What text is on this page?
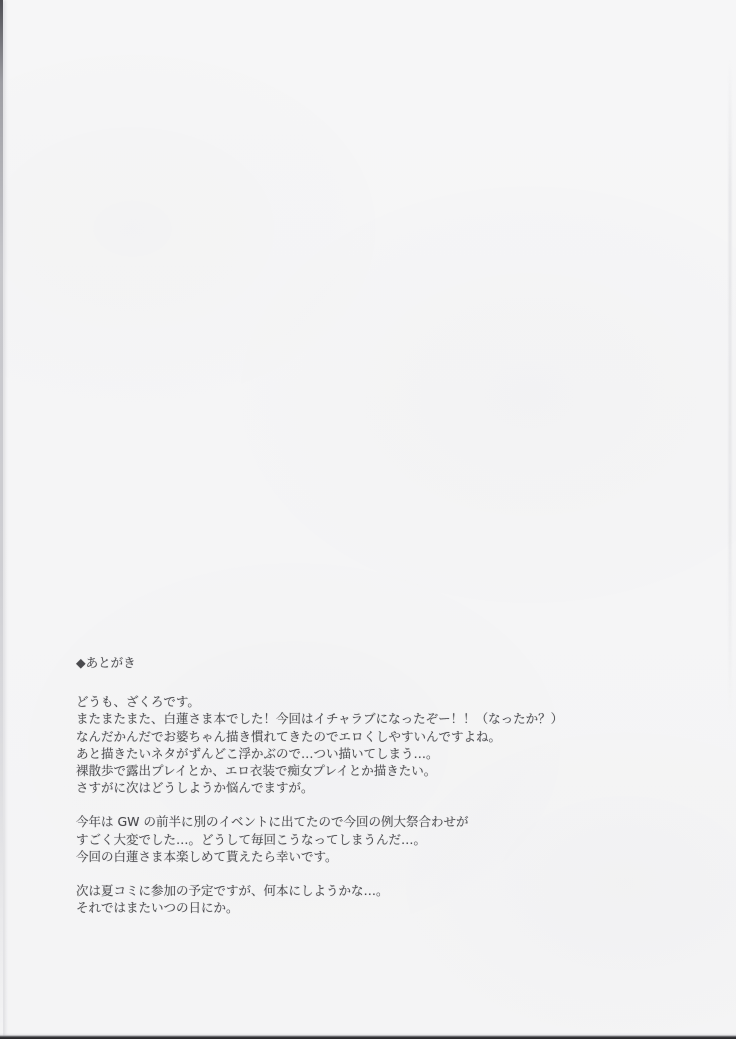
◆あとがき
どうも、ざくろです。
またまたまた、白蓮さま本でした！今回はイチャラブになったぞー！！（なったか？）
なんだかんだでお婆ちゃん描き慣れてきたのでエロくしやすいんですよね。
あと描きたいネタがずんどこ浮かぶので…つい描いてしまう…。
裸散歩で露出プレイとか、エロ衣装で痴女プレイとか描きたい。
さすがに次はどうしようか悩んでますが。
今年は GW の前半に別のイベントに出てたので今回の例大祭合わせが
すごく大変でした…。どうして毎回こうなってしまうんだ…。
今回の白蓮さま本楽しめて貰えたら幸いです。
次は夏コミに参加の予定ですが、何本にしようかな…。
それではまたいつの日にか。
